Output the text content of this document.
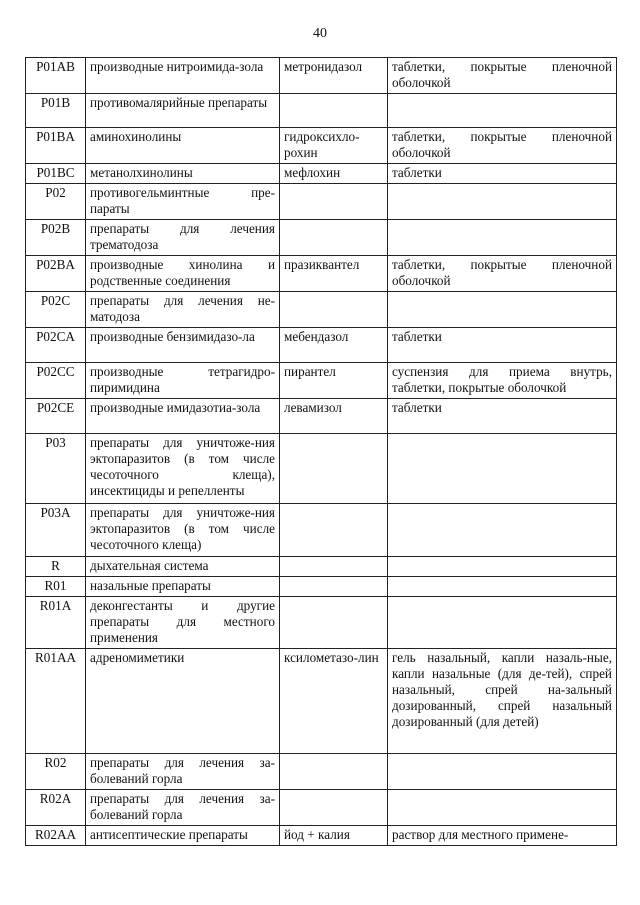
40
P01AB	производные нитроимида-зола	метронидазол	таблетки, покрытые пленочной оболочкой
P01B	противомалярийные препараты		
P01BA	аминохинолины	гидроксихло-рохин	таблетки, покрытые пленочной оболочкой
P01BC	метанолхинолины	мефлохин	таблетки
P02	противогельминтные пре-параты		
P02B	препараты для лечения трематодоза		
P02BA	производные хинолина и родственные соединения	празиквантел	таблетки, покрытые пленочной оболочкой
P02C	препараты для лечения не-матодоза		
P02CA	производные бензимидазо-ла	мебендазол	таблетки
P02CC	производные тетрагидро-пиримидина	пирантел	суспензия для приема внутрь, таблетки, покрытые оболочкой
P02CE	производные имидазотиа-зола	левамизол	таблетки
P03	препараты для уничтоже-ния эктопаразитов (в том числе чесоточного клеща), инсектициды и репелленты		
P03A	препараты для уничтоже-ния эктопаразитов (в том числе чесоточного клеща)		
R	дыхательная система		
R01	назальные препараты		
R01A	деконгестанты и другие препараты для местного применения		
R01AA	адреномиметики	ксилометазо-лин	гель назальный, капли назаль-ные, капли назальные (для де-тей), спрей назальный, спрей на-зальный дозированный, спрей назальный дозированный (для детей)
R02	препараты для лечения за-болеваний горла		
R02A	препараты для лечения за-болеваний горла		
R02AA	антисептические препараты	йод + калия	раствор для местного примене-
